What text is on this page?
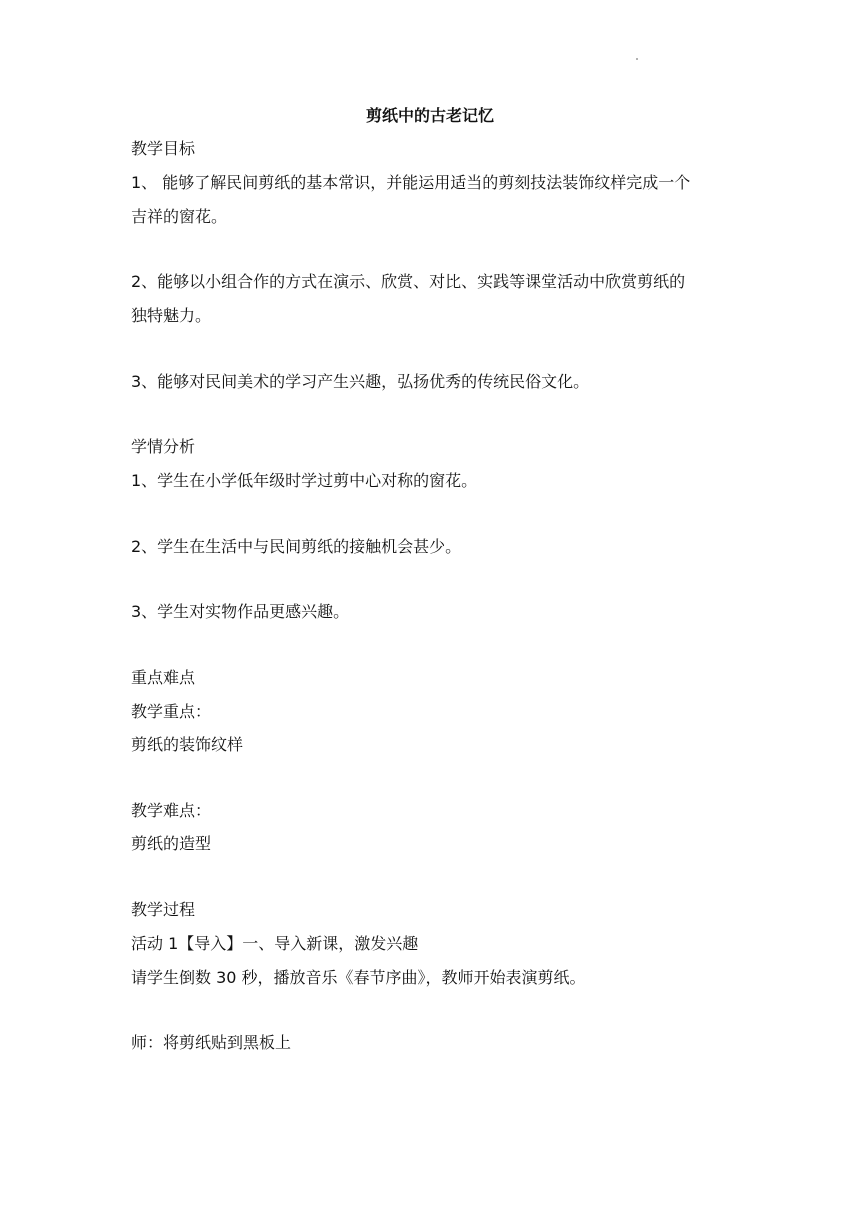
剪纸中的古老记忆
教学目标
1、 能够了解民间剪纸的基本常识，并能运用适当的剪刻技法装饰纹样完成一个
吉祥的窗花。
2、能够以小组合作的方式在演示、欣赏、对比、实践等课堂活动中欣赏剪纸的
独特魅力。
3、能够对民间美术的学习产生兴趣，弘扬优秀的传统民俗文化。
学情分析
1、学生在小学低年级时学过剪中心对称的窗花。
2、学生在生活中与民间剪纸的接触机会甚少。
3、学生对实物作品更感兴趣。
重点难点
教学重点：
剪纸的装饰纹样
教学难点：
剪纸的造型
教学过程
活动 1【导入】一、导入新课，激发兴趣
请学生倒数 30 秒，播放音乐《春节序曲》，教师开始表演剪纸。
师：将剪纸贴到黑板上
